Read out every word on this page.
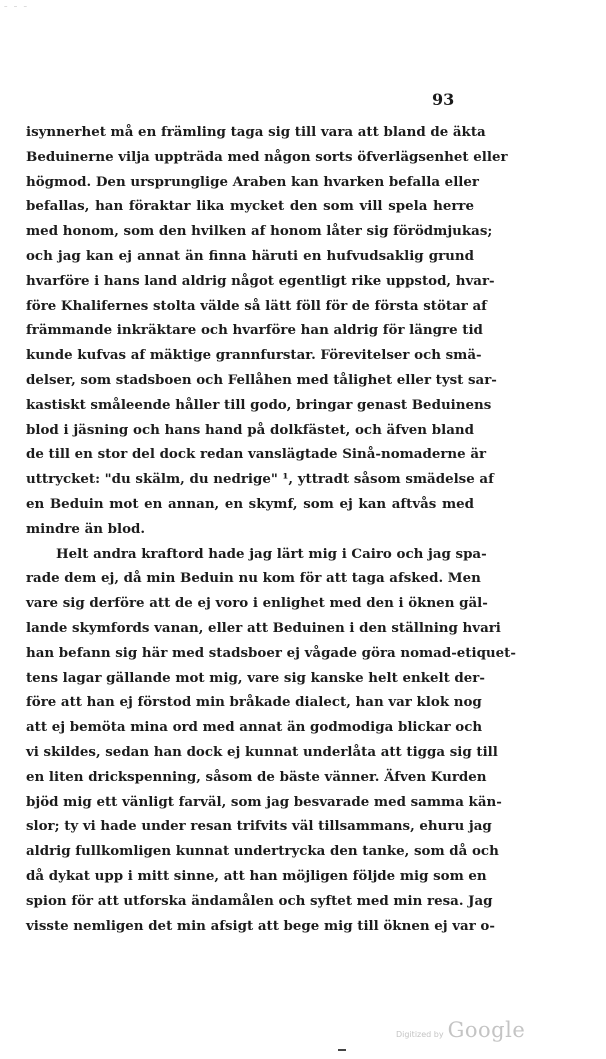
– – –
93
isynnerhet må en främling taga sig till vara att bland de äkta
Beduinerne vilja uppträda med någon sorts öfverlägsenhet eller
högmod. Den ursprunglige Araben kan hvarken befalla eller
befallas, han föraktar lika mycket den som vill spela herre
med honom, som den hvilken af honom låter sig förödmjukas;
och jag kan ej annat än finna häruti en hufvudsaklig grund
hvarföre i hans land aldrig något egentligt rike uppstod, hvar-
före Khalifernes stolta välde så lätt föll för de första stötar af
främmande inkräktare och hvarföre han aldrig för längre tid
kunde kufvas af mäktige grannfurstar. Förevitelser och smä-
delser, som stadsboen och Fellåhen med tålighet eller tyst sar-
kastiskt småleende håller till godo, bringar genast Beduinens
blod i jäsning och hans hand på dolkfästet, och äfven bland
de till en stor del dock redan vanslägtade Sinå-nomaderne är
uttrycket: "du skälm, du nedrige" ¹, yttradt såsom smädelse af
en Beduin mot en annan, en skymf, som ej kan aftvås med
mindre än blod.
Helt andra kraftord hade jag lärt mig i Cairo och jag spa-
rade dem ej, då min Beduin nu kom för att taga afsked. Men
vare sig derföre att de ej voro i enlighet med den i öknen gäl-
lande skymfords vanan, eller att Beduinen i den ställning hvari
han befann sig här med stadsboer ej vågade göra nomad-etiquet-
tens lagar gällande mot mig, vare sig kanske helt enkelt der-
före att han ej förstod min bråkade dialect, han var klok nog
att ej bemöta mina ord med annat än godmodiga blickar och
vi skildes, sedan han dock ej kunnat underlåta att tigga sig till
en liten drickspenning, såsom de bäste vänner. Äfven Kurden
bjöd mig ett vänligt farväl, som jag besvarade med samma kän-
slor; ty vi hade under resan trifvits väl tillsammans, ehuru jag
aldrig fullkomligen kunnat undertrycka den tanke, som då och
då dykat upp i mitt sinne, att han möjligen följde mig som en
spion för att utforska ändamålen och syftet med min resa. Jag
visste nemligen det min afsigt att bege mig till öknen ej var o-
Digitized by Google
